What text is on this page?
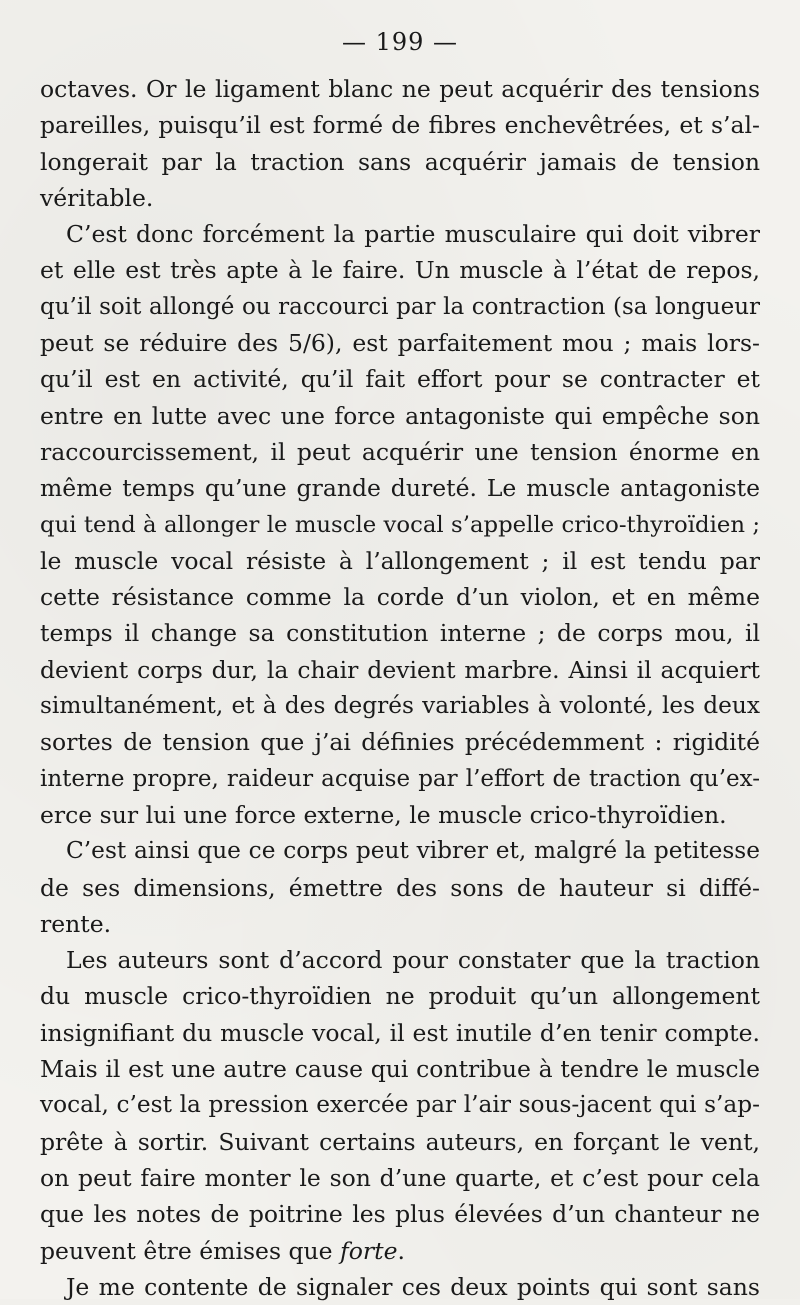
— 199 —
octaves. Or le ligament blanc ne peut acquérir des tensions
pareilles, puisqu’il est formé de fibres enchevêtrées, et s’al-
longerait par la traction sans acquérir jamais de tension
véritable.
C’est donc forcément la partie musculaire qui doit vibrer
et elle est très apte à le faire. Un muscle à l’état de repos,
qu’il soit allongé ou raccourci par la contraction (sa longueur
peut se réduire des 5/6), est parfaitement mou ; mais lors-
qu’il est en activité, qu’il fait effort pour se contracter et
entre en lutte avec une force antagoniste qui empêche son
raccourcissement, il peut acquérir une tension énorme en
même temps qu’une grande dureté. Le muscle antagoniste
qui tend à allonger le muscle vocal s’appelle crico-thyroïdien ;
le muscle vocal résiste à l’allongement ; il est tendu par
cette résistance comme la corde d’un violon, et en même
temps il change sa constitution interne ; de corps mou, il
devient corps dur, la chair devient marbre. Ainsi il acquiert
simultanément, et à des degrés variables à volonté, les deux
sortes de tension que j’ai définies précédemment : rigidité
interne propre, raideur acquise par l’effort de traction qu’ex-
erce sur lui une force externe, le muscle crico-thyroïdien.
C’est ainsi que ce corps peut vibrer et, malgré la petitesse
de ses dimensions, émettre des sons de hauteur si diffé-
rente.
Les auteurs sont d’accord pour constater que la traction
du muscle crico-thyroïdien ne produit qu’un allongement
insignifiant du muscle vocal, il est inutile d’en tenir compte.
Mais il est une autre cause qui contribue à tendre le muscle
vocal, c’est la pression exercée par l’air sous-jacent qui s’ap-
prête à sortir. Suivant certains auteurs, en forçant le vent,
on peut faire monter le son d’une quarte, et c’est pour cela
que les notes de poitrine les plus élevées d’un chanteur ne
peuvent être émises que forte.
Je me contente de signaler ces deux points qui sont sans
